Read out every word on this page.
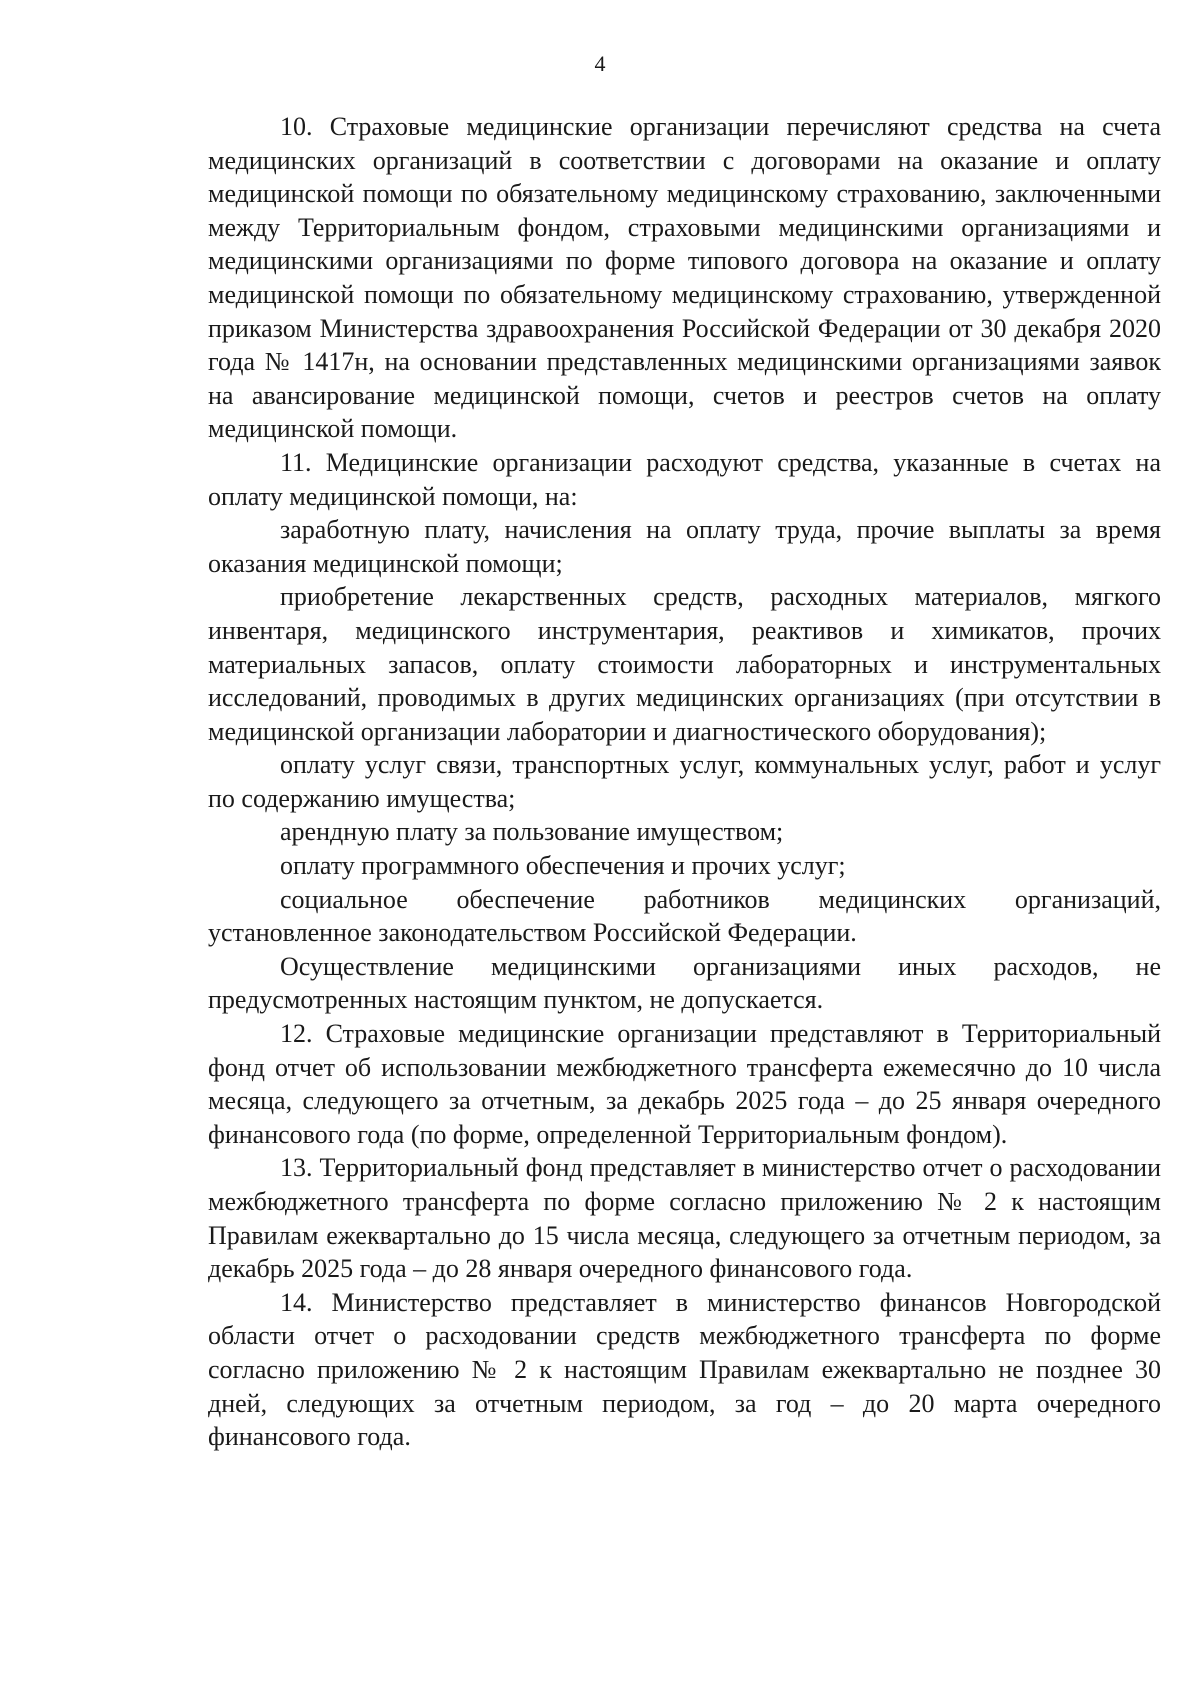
4

10. Страховые медицинские организации перечисляют средства на счета медицинских организаций в соответствии с договорами на оказание и оплату медицинской помощи по обязательному медицинскому страхованию, заключенными между Территориальным фондом, страховыми медицинскими организациями и медицинскими организациями по форме типового договора на оказание и оплату медицинской помощи по обязательному медицинскому страхованию, утвержденной приказом Министерства здравоохранения Российской Федерации от 30 декабря 2020 года № 1417н, на основании представленных медицинскими организациями заявок на авансирование медицинской помощи, счетов и реестров счетов на оплату медицинской помощи.

11. Медицинские организации расходуют средства, указанные в счетах на оплату медицинской помощи, на:

заработную плату, начисления на оплату труда, прочие выплаты за время оказания медицинской помощи;

приобретение лекарственных средств, расходных материалов, мягкого инвентаря, медицинского инструментария, реактивов и химикатов, прочих материальных запасов, оплату стоимости лабораторных и инструментальных исследований, проводимых в других медицинских организациях (при отсутствии в медицинской организации лаборатории и диагностического оборудования);

оплату услуг связи, транспортных услуг, коммунальных услуг, работ и услуг по содержанию имущества;

арендную плату за пользование имуществом;

оплату программного обеспечения и прочих услуг;

социальное обеспечение работников медицинских организаций, установленное законодательством Российской Федерации.

Осуществление медицинскими организациями иных расходов, не предусмотренных настоящим пунктом, не допускается.

12. Страховые медицинские организации представляют в Территориальный фонд отчет об использовании межбюджетного трансферта ежемесячно до 10 числа месяца, следующего за отчетным, за декабрь 2025 года – до 25 января очередного финансового года (по форме, определенной Территориальным фондом).

13. Территориальный фонд представляет в министерство отчет о расходовании межбюджетного трансферта по форме согласно приложению № 2 к настоящим Правилам ежеквартально до 15 числа месяца, следующего за отчетным периодом, за декабрь 2025 года – до 28 января очередного финансового года.

14. Министерство представляет в министерство финансов Новгородской области отчет о расходовании средств межбюджетного трансферта по форме согласно приложению № 2 к настоящим Правилам ежеквартально не позднее 30 дней, следующих за отчетным периодом, за год – до 20 марта очередного финансового года.
